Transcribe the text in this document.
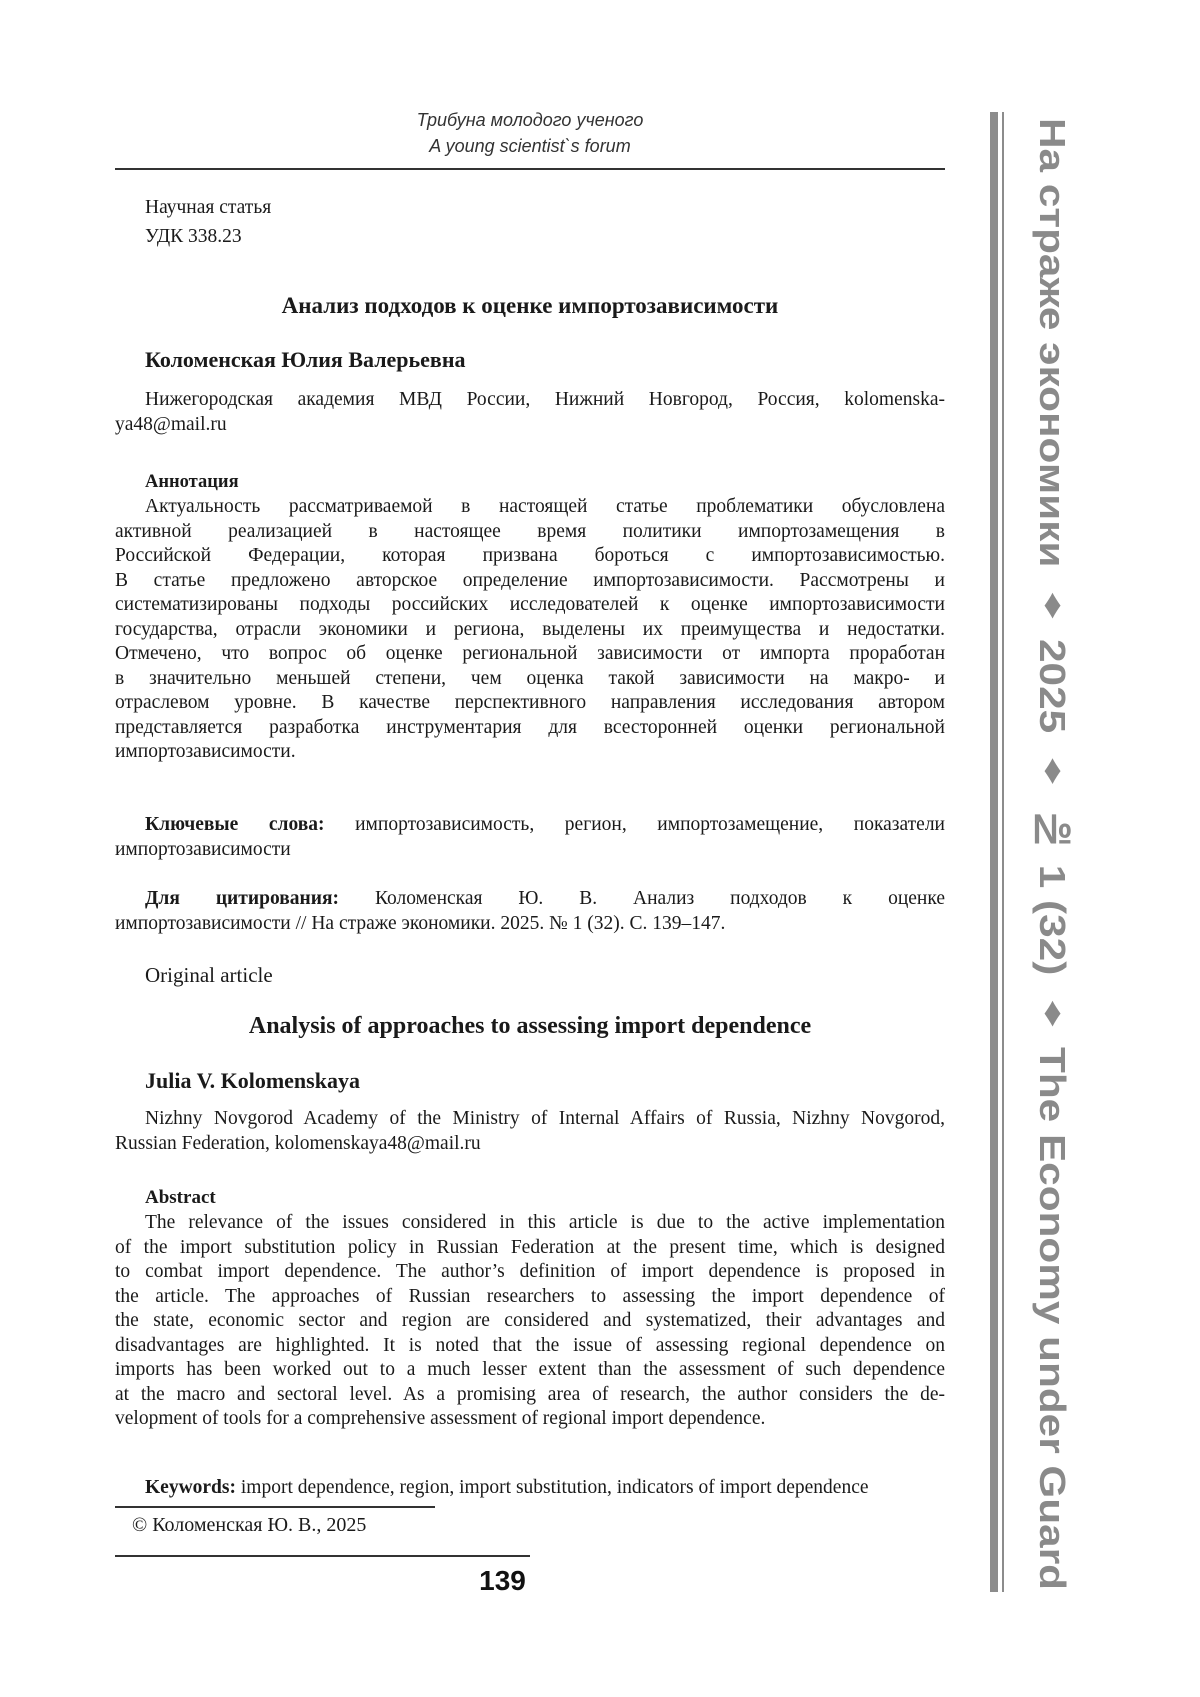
Трибуна молодого ученого
A young scientist`s forum	На страже экономики ♦ 2025 ♦ № 1 (32) ♦ The Economy under Guard
Научная статья
УДК 338.23
Анализ подходов к оценке импортозависимости
Коломенская Юлия Валерьевна
Нижегородская академия МВД России, Нижний Новгород, Россия, kolomenska-
ya48@mail.ru
Аннотация
Актуальность рассматриваемой в настоящей статье проблематики обусловлена
активной реализацией в настоящее время политики импортозамещения в
Российской Федерации, которая призвана бороться с импортозависимостью.
В статье предложено авторское определение импортозависимости. Рассмотрены и
систематизированы подходы российских исследователей к оценке импортозависимости
государства, отрасли экономики и региона, выделены их преимущества и недостатки.
Отмечено, что вопрос об оценке региональной зависимости от импорта проработан
в значительно меньшей степени, чем оценка такой зависимости на макро- и
отраслевом уровне. В качестве перспективного направления исследования автором
представляется разработка инструментария для всесторонней оценки региональной
импортозависимости.
Ключевые слова: импортозависимость, регион, импортозамещение, показатели
импортозависимости
Для цитирования: Коломенская Ю. В. Анализ подходов к оценке
импортозависимости // На страже экономики. 2025. № 1 (32). С. 139–147.
Original article
Analysis of approaches to assessing import dependence
Julia V. Kolomenskaya
Nizhny Novgorod Academy of the Ministry of Internal Affairs of Russia, Nizhny Novgorod,
Russian Federation, kolomenskaya48@mail.ru
Abstract
The relevance of the issues considered in this article is due to the active implementation
of the import substitution policy in Russian Federation at the present time, which is designed
to combat import dependence. The author’s definition of import dependence is proposed in
the article. The approaches of Russian researchers to assessing the import dependence of
the state, economic sector and region are considered and systematized, their advantages and
disadvantages are highlighted. It is noted that the issue of assessing regional dependence on
imports has been worked out to a much lesser extent than the assessment of such dependence
at the macro and sectoral level. As a promising area of research, the author considers the de-
velopment of tools for a comprehensive assessment of regional import dependence.
Keywords: import dependence, region, import substitution, indicators of import dependence
© Коломенская Ю. В., 2025
139
